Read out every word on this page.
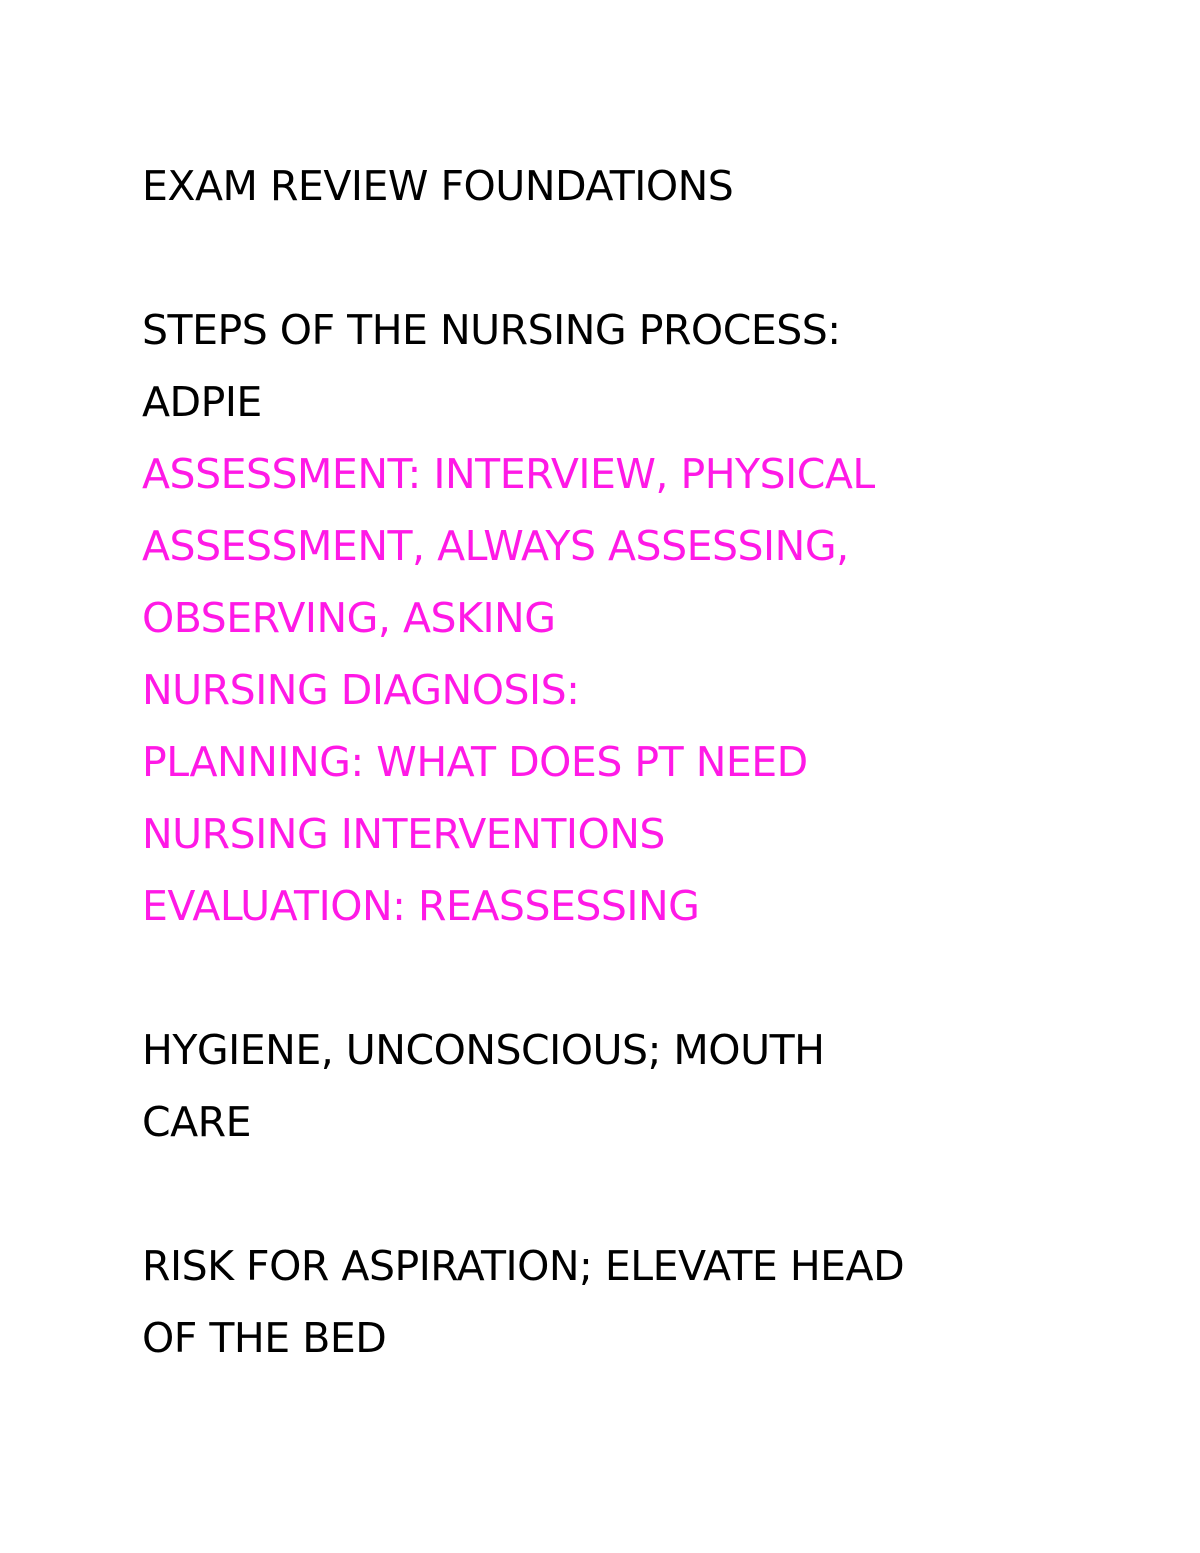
EXAM REVIEW FOUNDATIONS
STEPS OF THE NURSING PROCESS:
ADPIE
ASSESSMENT: INTERVIEW, PHYSICAL
ASSESSMENT, ALWAYS ASSESSING,
OBSERVING, ASKING
NURSING DIAGNOSIS:
PLANNING: WHAT DOES PT NEED
NURSING INTERVENTIONS
EVALUATION: REASSESSING
HYGIENE, UNCONSCIOUS; MOUTH
CARE
RISK FOR ASPIRATION; ELEVATE HEAD
OF THE BED
